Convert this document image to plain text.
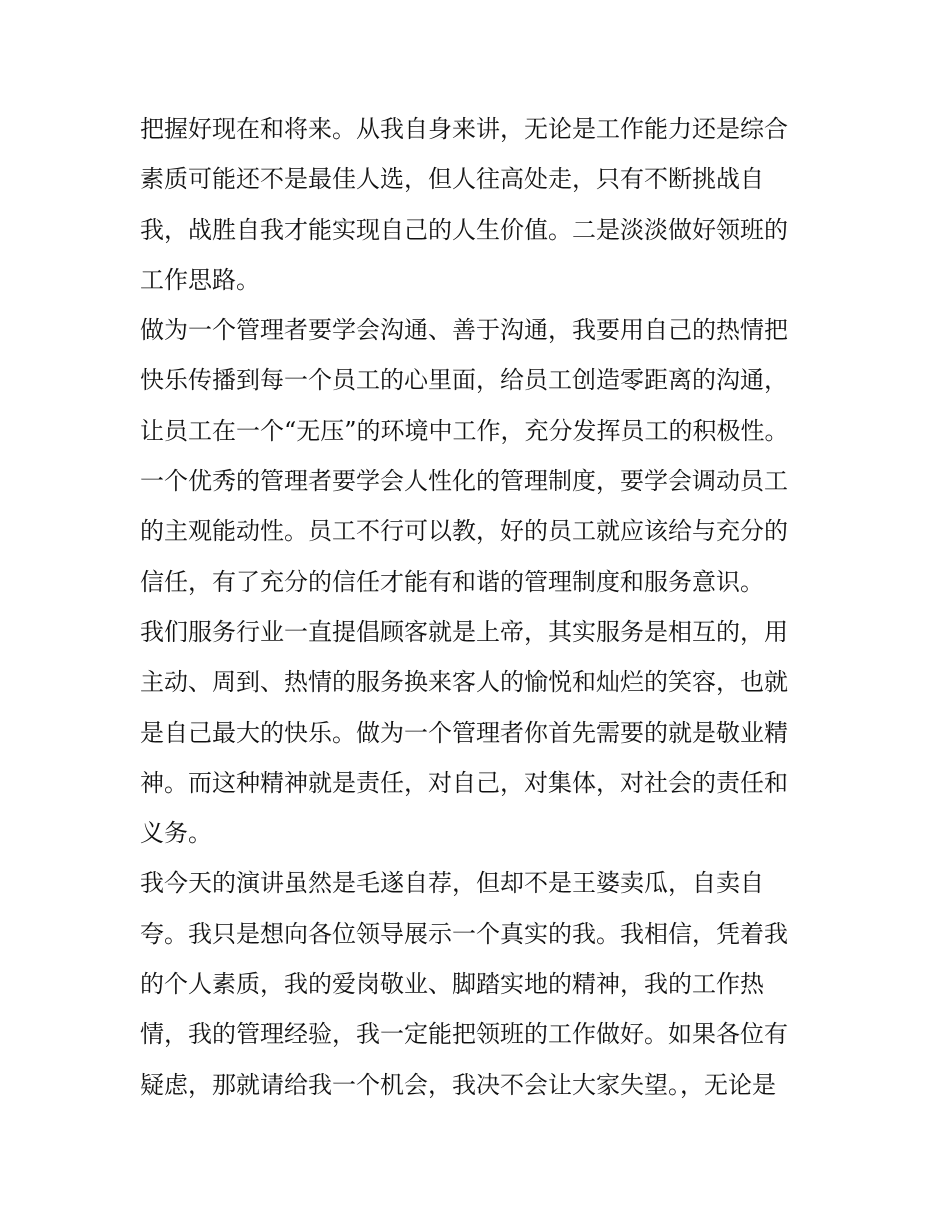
把握好现在和将来。从我自身来讲，无论是工作能力还是综合
素质可能还不是最佳人选，但人往高处走，只有不断挑战自
我，战胜自我才能实现自己的人生价值。二是淡淡做好领班的
工作思路。
做为一个管理者要学会沟通、善于沟通，我要用自己的热情把
快乐传播到每一个员工的心里面，给员工创造零距离的沟通，
让员工在一个“无压”的环境中工作，充分发挥员工的积极性。
一个优秀的管理者要学会人性化的管理制度，要学会调动员工
的主观能动性。员工不行可以教，好的员工就应该给与充分的
信任，有了充分的信任才能有和谐的管理制度和服务意识。
我们服务行业一直提倡顾客就是上帝，其实服务是相互的，用
主动、周到、热情的服务换来客人的愉悦和灿烂的笑容，也就
是自己最大的快乐。做为一个管理者你首先需要的就是敬业精
神。而这种精神就是责任，对自己，对集体，对社会的责任和
义务。
我今天的演讲虽然是毛遂自荐，但却不是王婆卖瓜，自卖自
夸。我只是想向各位领导展示一个真实的我。我相信，凭着我
的个人素质，我的爱岗敬业、脚踏实地的精神，我的工作热
情，我的管理经验，我一定能把领班的工作做好。如果各位有
疑虑，那就请给我一个机会，我决不会让大家失望。，无论是
